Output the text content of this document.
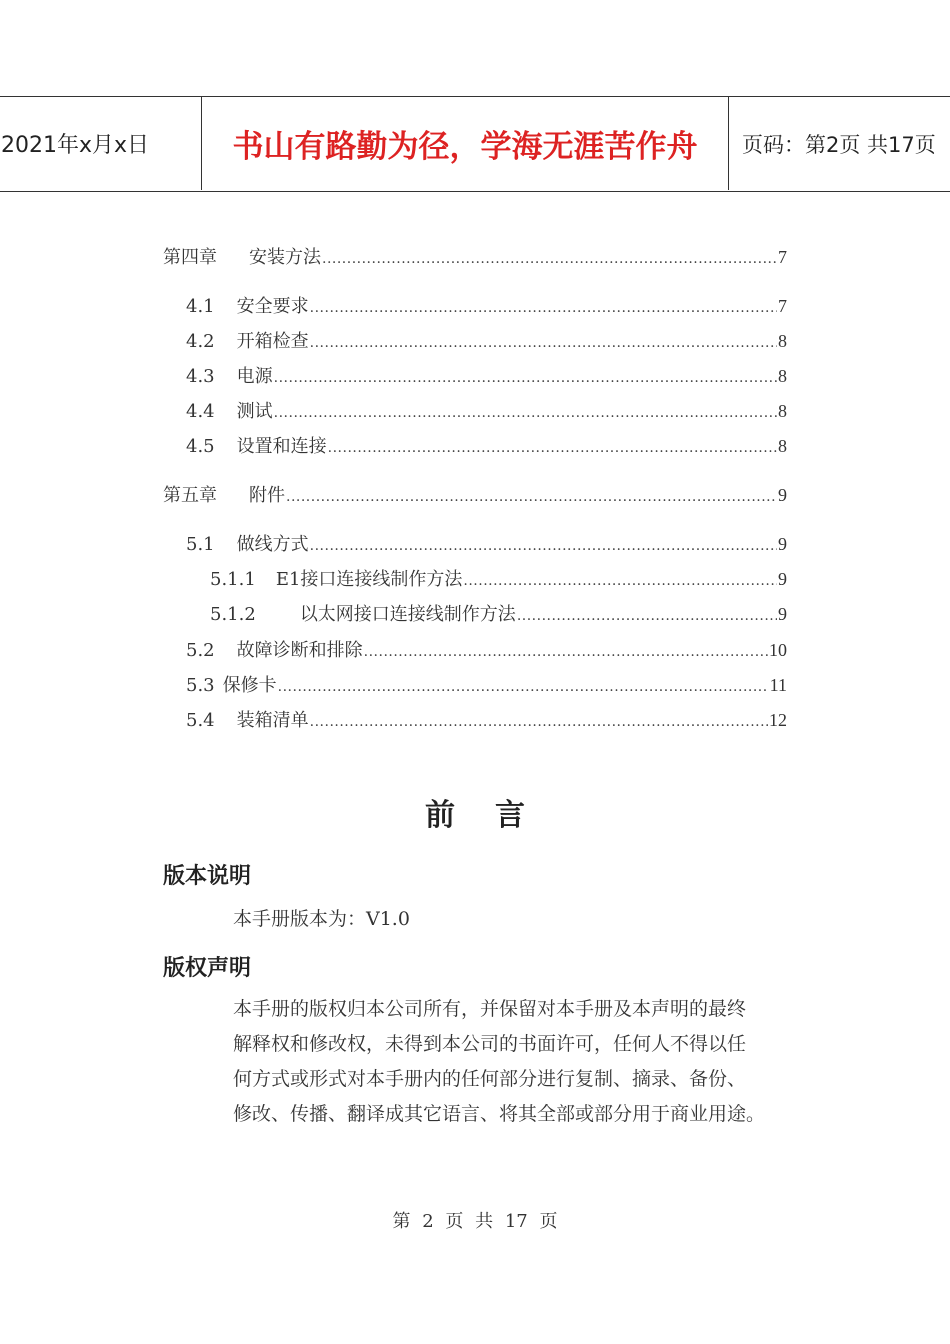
2021年x月x日	书山有路勤为径，学海无涯苦作舟	页码：第2页 共17页
第四章 安装方法 .....	7
4.1 安全要求 .....	7
4.2 开箱检查 .....	8
4.3 电源 .....	8
4.4 测试 .....	8
4.5 设置和连接 .....	8
第五章 附件 .....	9
5.1 做线方式 .....	9
5.1.1 E1接口连接线制作方法 .....	9
5.1.2 以太网接口连接线制作方法 .....	9
5.2 故障诊断和排除 .....	10
5.3 保修卡 .....	11
5.4 装箱清单 .....	12
前言
版本说明
本手册版本为：V1.0
版权声明
本手册的版权归本公司所有，并保留对本手册及本声明的最终
解释权和修改权，未得到本公司的书面许可，任何人不得以任
何方式或形式对本手册内的任何部分进行复制、摘录、备份、
修改、传播、翻译成其它语言、将其全部或部分用于商业用途。
第 2 页 共 17 页
